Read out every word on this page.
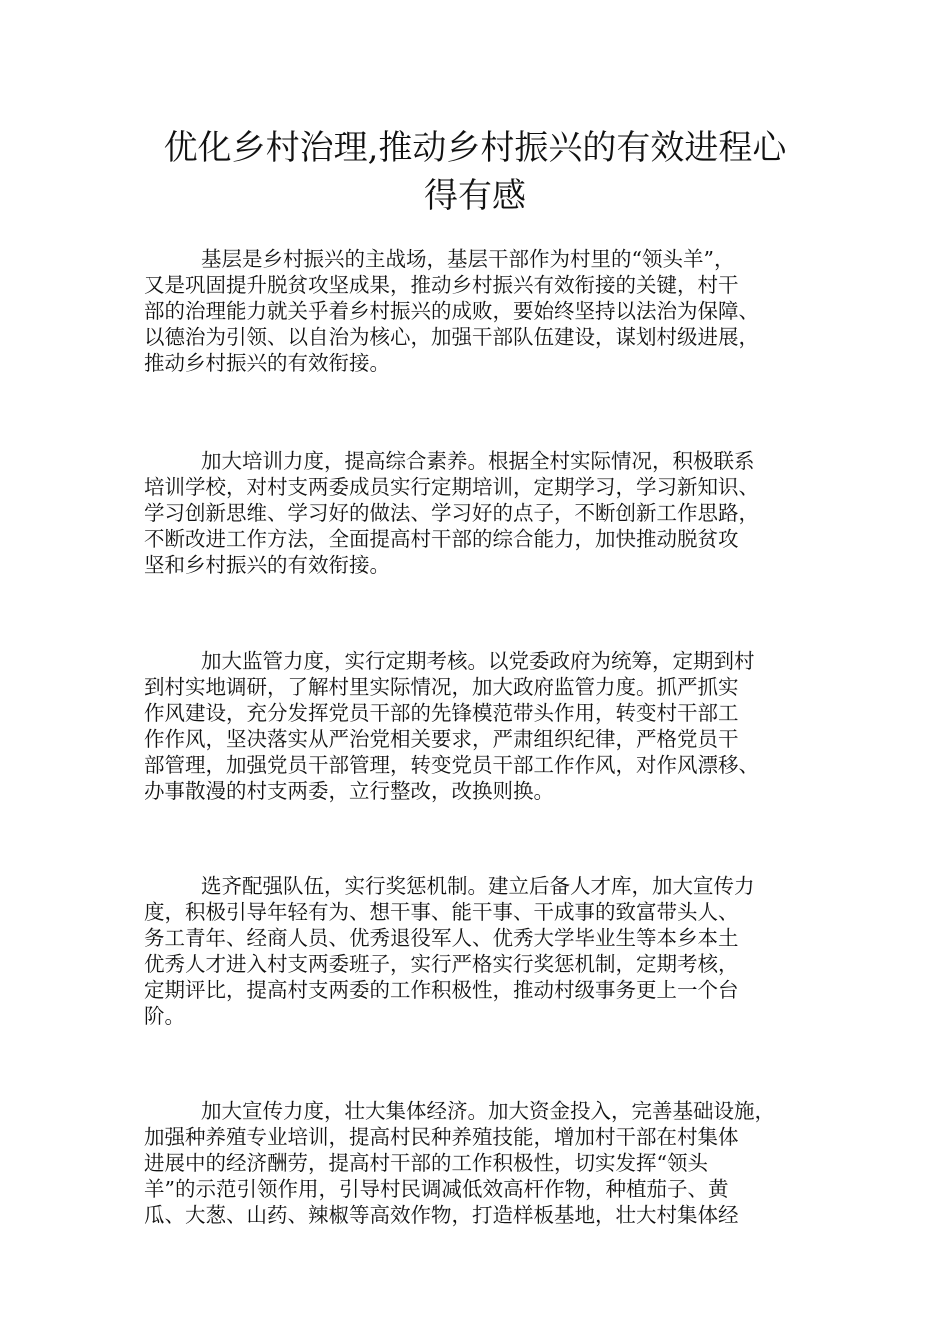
优化乡村治理,推动乡村振兴的有效进程心
得有感

基层是乡村振兴的主战场，基层干部作为村里的“领头羊”，
又是巩固提升脱贫攻坚成果，推动乡村振兴有效衔接的关键，村干
部的治理能力就关乎着乡村振兴的成败，要始终坚持以法治为保障、
以德治为引领、以自治为核心，加强干部队伍建设，谋划村级进展，
推动乡村振兴的有效衔接。

加大培训力度，提高综合素养。根据全村实际情况，积极联系
培训学校，对村支两委成员实行定期培训，定期学习，学习新知识、
学习创新思维、学习好的做法、学习好的点子，不断创新工作思路，
不断改进工作方法，全面提高村干部的综合能力，加快推动脱贫攻
坚和乡村振兴的有效衔接。

加大监管力度，实行定期考核。以党委政府为统筹，定期到村
到村实地调研，了解村里实际情况，加大政府监管力度。抓严抓实
作风建设，充分发挥党员干部的先锋模范带头作用，转变村干部工
作作风，坚决落实从严治党相关要求，严肃组织纪律，严格党员干
部管理，加强党员干部管理，转变党员干部工作作风，对作风漂移、
办事散漫的村支两委，立行整改，改换则换。

选齐配强队伍，实行奖惩机制。建立后备人才库，加大宣传力
度，积极引导年轻有为、想干事、能干事、干成事的致富带头人、
务工青年、经商人员、优秀退役军人、优秀大学毕业生等本乡本土
优秀人才进入村支两委班子，实行严格实行奖惩机制，定期考核，
定期评比，提高村支两委的工作积极性，推动村级事务更上一个台
阶。

加大宣传力度，壮大集体经济。加大资金投入，完善基础设施，
加强种养殖专业培训，提高村民种养殖技能，增加村干部在村集体
进展中的经济酬劳，提高村干部的工作积极性，切实发挥“领头
羊”的示范引领作用，引导村民调减低效高杆作物，种植茄子、黄
瓜、大葱、山药、辣椒等高效作物，打造样板基地，壮大村集体经
